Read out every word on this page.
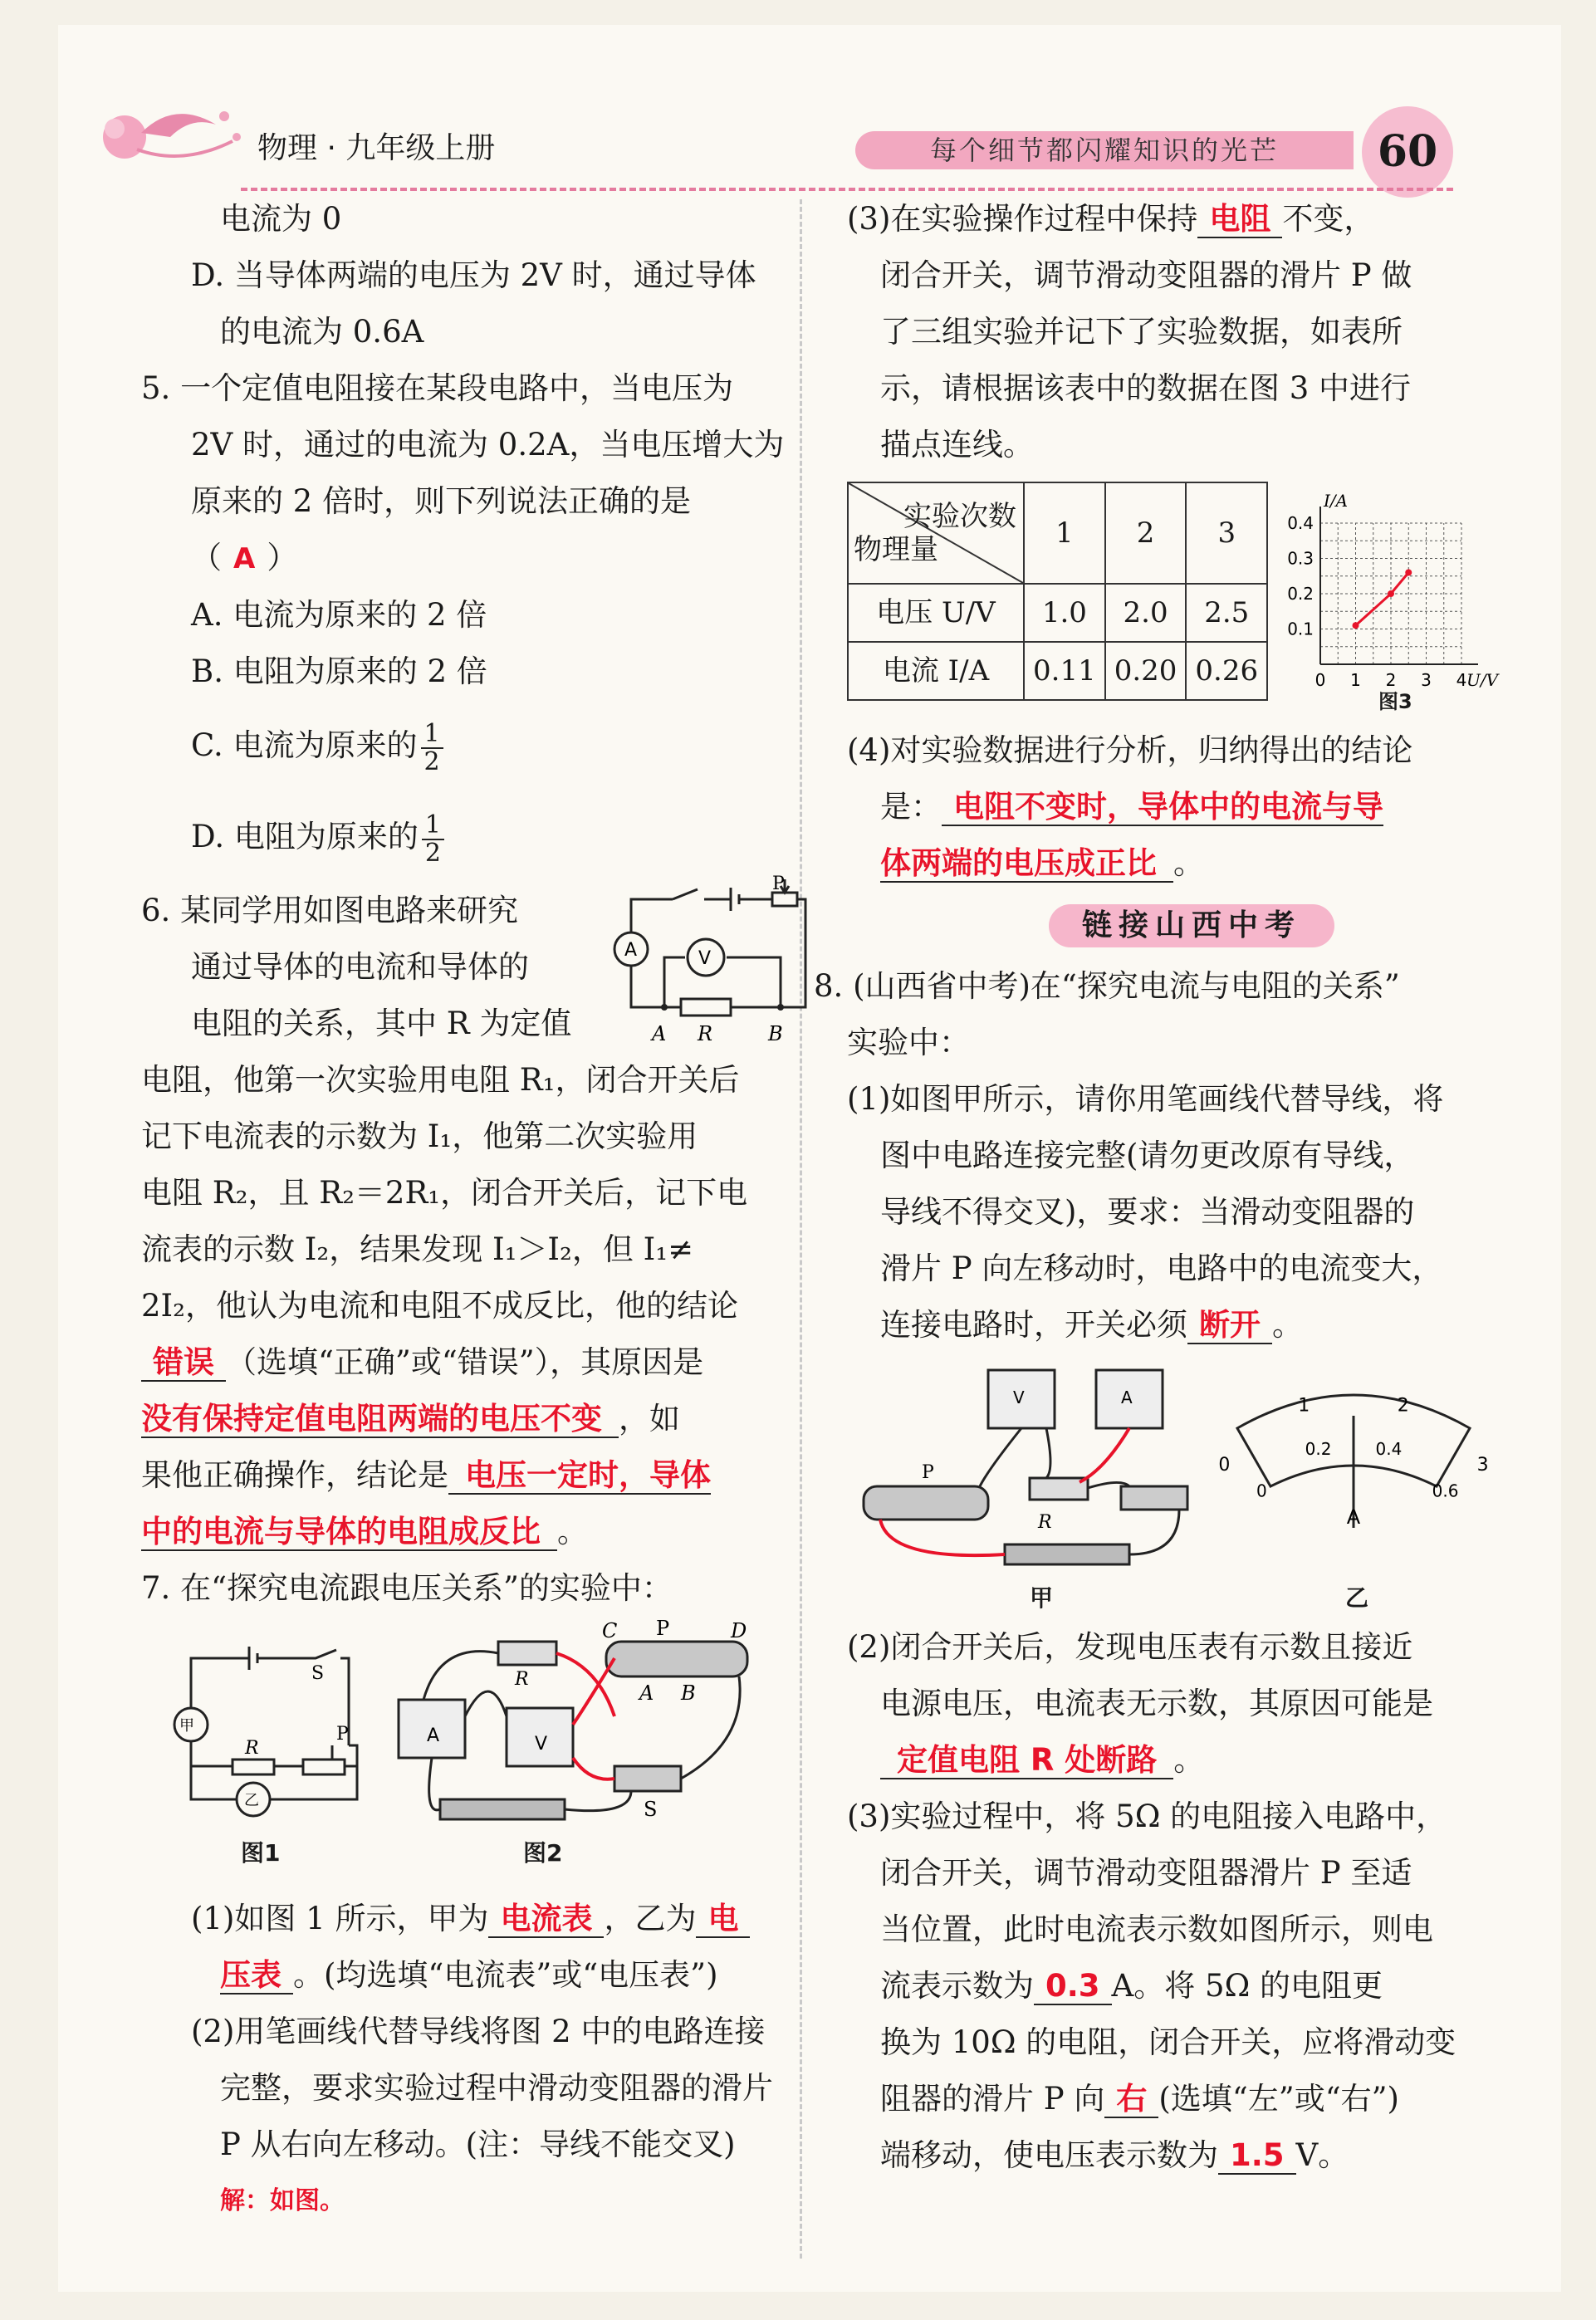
物理 · 九年级上册	每个细节都闪耀知识的光芒	60

电流为 0

D. 当导体两端的电压为 2V 时，通过导体

的电流为 0.6A

5. 一个定值电阻接在某段电路中，当电压为

2V 时，通过的电流为 0.2A，当电压增大为

原来的 2 倍时，则下列说法正确的是（ A ）

A. 电流为原来的 2 倍

B. 电阻为原来的 2 倍

C. 电流为原来的 $\frac{1}{2}$

D. 电阻为原来的 $\frac{1}{2}$

6. 某同学用如图电路来研究

通过导体的电流和导体的

电阻的关系，其中 R 为定值

A	V
P
A R	B

电阻，他第一次实验用电阻 R₁，闭合开关后

记下电流表的示数为 I₁，他第二次实验用

电阻 R₂，且 R₂＝2R₁，闭合开关后，记下电

流表的示数 I₂，结果发现 I₁＞I₂，但 I₁≠

2I₂，他认为电流和电阻不成反比，他的结论

错误 （选填“正确”或“错误”），其原因是

没有保持定值电阻两端的电压不变 ，如

果他正确操作，结论是 电压一定时，导体

中的电流与导体的电阻成反比 。

7. 在“探究电流跟电压关系”的实验中：

甲
乙
S
R
P
R
A	V
C P	D
A B
S
图1	图2

(1)如图 1 所示，甲为 电流表 ，乙为 电

压表 。(均选填“电流表”或“电压表”)

(2)用笔画线代替导线将图 2 中的电路连接

完整，要求实验过程中滑动变阻器的滑片

P 从右向左移动。(注：导线不能交叉)

解：如图。

(3)在实验操作过程中保持 电阻 不变，

闭合开关，调节滑动变阻器的滑片 P 做

了三组实验并记下了实验数据，如表所

示，请根据该表中的数据在图 3 中进行

描点连线。

实验次数
物理量	1	2	3
电压 U/V	1.0	2.0	2.5
电流 I/A	0.11	0.20	0.26
0.4
0.3
0.2
0.1
0 1 2 3 4
I/A
U/V
图3

(4)对实验数据进行分析，归纳得出的结论

是： 电阻不变时，导体中的电流与导

体两端的电压成正比 。

链接山西中考

8. (山西省中考)在“探究电流与电阻的关系”

实验中：

(1)如图甲所示，请你用笔画线代替导线，将

图中电路连接完整(请勿更改原有导线，

导线不得交叉)，要求：当滑动变阻器的

滑片 P 向左移动时，电路中的电流变大，

连接电路时，开关必须 断开 。

P
V	A
R
0
1	2
3
0
0.2	0.4
0.6
A
甲	乙

(2)闭合开关后，发现电压表有示数且接近

电源电压，电流表无示数，其原因可能是

定值电阻 R 处断路 。

(3)实验过程中，将 5Ω 的电阻接入电路中，

闭合开关，调节滑动变阻器滑片 P 至适

当位置，此时电流表示数如图所示，则电

流表示数为 0.3 A。将 5Ω 的电阻更

换为 10Ω 的电阻，闭合开关，应将滑动变

阻器的滑片 P 向 右 (选填“左”或“右”)

端移动，使电压表示数为 1.5 V。
